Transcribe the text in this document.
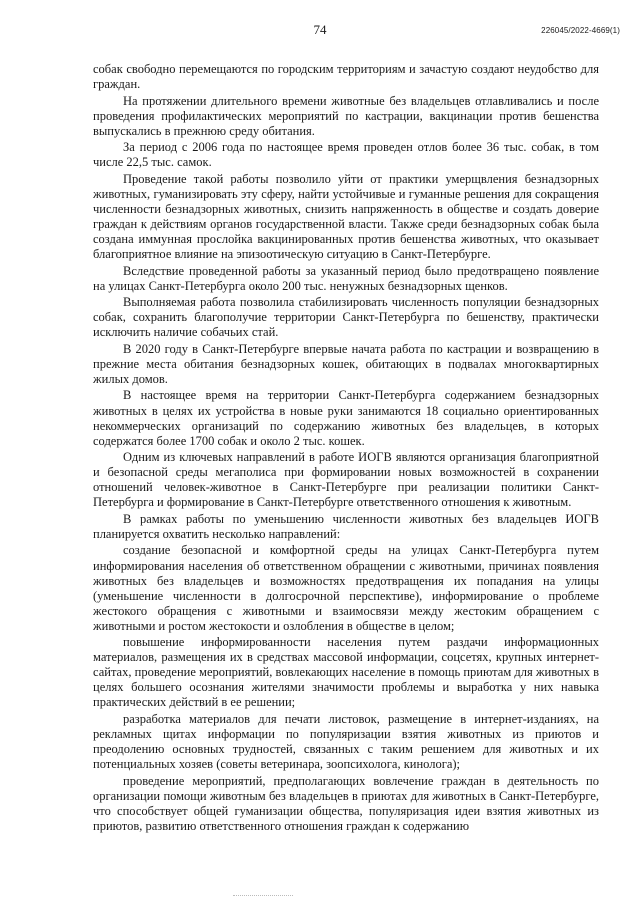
74	226045/2022-4669(1)

собак свободно перемещаются по городским территориям и зачастую создают неудобство для граждан.

На протяжении длительного времени животные без владельцев отлавливались и после проведения профилактических мероприятий по кастрации, вакцинации против бешенства выпускались в прежнюю среду обитания.

За период с 2006 года по настоящее время проведен отлов более 36 тыс. собак, в том числе 22,5 тыс. самок.

Проведение такой работы позволило уйти от практики умерщвления безнадзорных животных, гуманизировать эту сферу, найти устойчивые и гуманные решения для сокращения численности безнадзорных животных, снизить напряженность в обществе и создать доверие граждан к действиям органов государственной власти. Также среди безнадзорных собак была создана иммунная прослойка вакцинированных против бешенства животных, что оказывает благоприятное влияние на эпизоотическую ситуацию в Санкт-Петербурге.

Вследствие проведенной работы за указанный период было предотвращено появление на улицах Санкт-Петербурга около 200 тыс. ненужных безнадзорных щенков.

Выполняемая работа позволила стабилизировать численность популяции безнадзорных собак, сохранить благополучие территории Санкт-Петербурга по бешенству, практически исключить наличие собачьих стай.

В 2020 году в Санкт-Петербурге впервые начата работа по кастрации и возвращению в прежние места обитания безнадзорных кошек, обитающих в подвалах многоквартирных жилых домов.

В настоящее время на территории Санкт-Петербурга содержанием безнадзорных животных в целях их устройства в новые руки занимаются 18 социально ориентированных некоммерческих организаций по содержанию животных без владельцев, в которых содержатся более 1700 собак и около 2 тыс. кошек.

Одним из ключевых направлений в работе ИОГВ являются организация благоприятной и безопасной среды мегаполиса при формировании новых возможностей в сохранении отношений человек-животное в Санкт-Петербурге при реализации политики Санкт-Петербурга и формирование в Санкт-Петербурге ответственного отношения к животным.

В рамках работы по уменьшению численности животных без владельцев ИОГВ планируется охватить несколько направлений:

создание безопасной и комфортной среды на улицах Санкт-Петербурга путем информирования населения об ответственном обращении с животными, причинах появления животных без владельцев и возможностях предотвращения их попадания на улицы (уменьшение численности в долгосрочной перспективе), информирование о проблеме жестокого обращения с животными и взаимосвязи между жестоким обращением с животными и ростом жестокости и озлобления в обществе в целом;

повышение информированности населения путем раздачи информационных материалов, размещения их в средствах массовой информации, соцсетях, крупных интернет-сайтах, проведение мероприятий, вовлекающих население в помощь приютам для животных в целях большего осознания жителями значимости проблемы и выработка у них навыка практических действий в ее решении;

разработка материалов для печати листовок, размещение в интернет-изданиях, на рекламных щитах информации по популяризации взятия животных из приютов и преодолению основных трудностей, связанных с таким решением для животных и их потенциальных хозяев (советы ветеринара, зоопсихолога, кинолога);

проведение мероприятий, предполагающих вовлечение граждан в деятельность по организации помощи животным без владельцев в приютах для животных в Санкт-Петербурге, что способствует общей гуманизации общества, популяризация идеи взятия животных из приютов, развитию ответственного отношения граждан к содержанию
